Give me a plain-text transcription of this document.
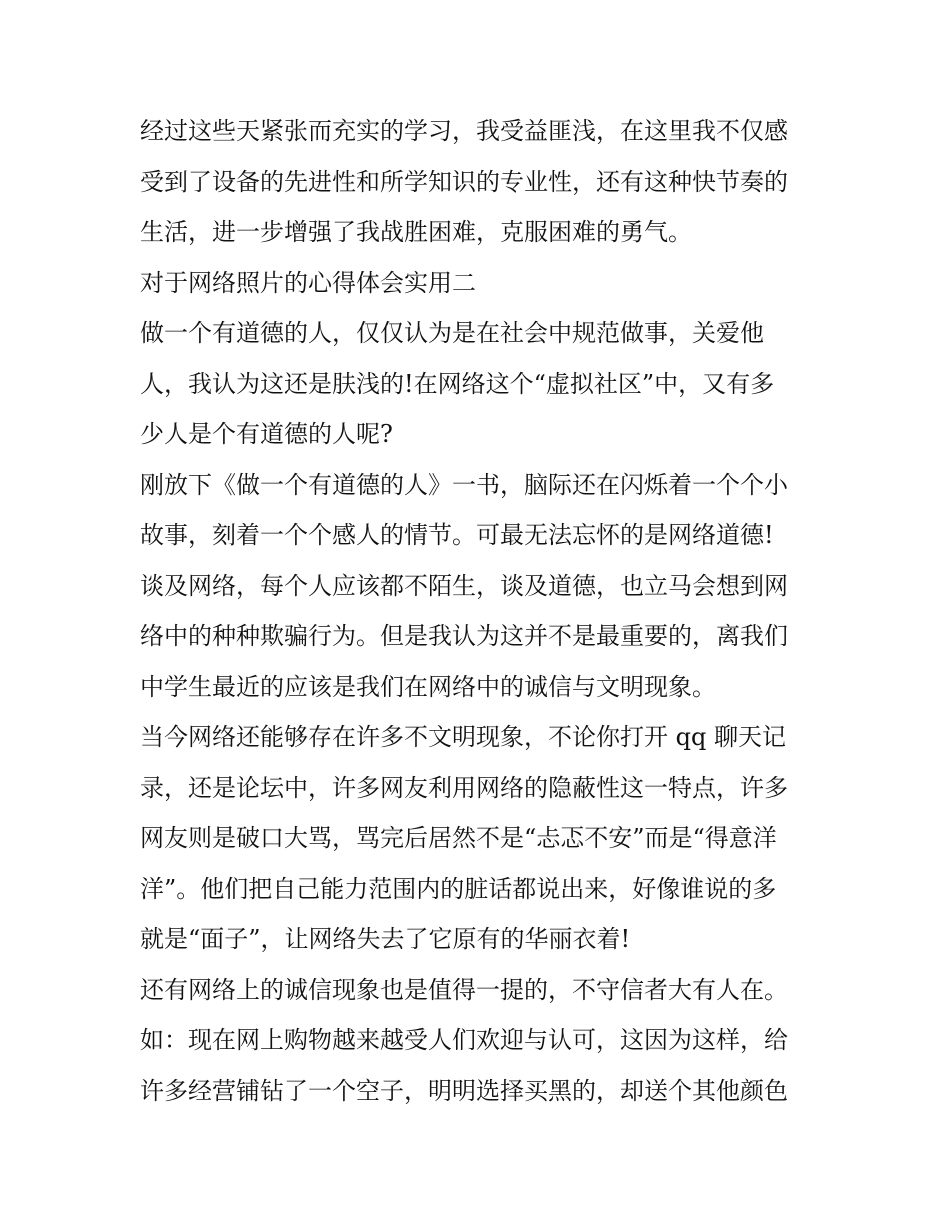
经过这些天紧张而充实的学习，我受益匪浅，在这里我不仅感
受到了设备的先进性和所学知识的专业性，还有这种快节奏的
生活，进一步增强了我战胜困难，克服困难的勇气。
对于网络照片的心得体会实用二
做一个有道德的人，仅仅认为是在社会中规范做事，关爱他
人，我认为这还是肤浅的!在网络这个“虚拟社区”中，又有多
少人是个有道德的人呢?
刚放下《做一个有道德的人》一书，脑际还在闪烁着一个个小
故事，刻着一个个感人的情节。可最无法忘怀的是网络道德!
谈及网络，每个人应该都不陌生，谈及道德，也立马会想到网
络中的种种欺骗行为。但是我认为这并不是最重要的，离我们
中学生最近的应该是我们在网络中的诚信与文明现象。
当今网络还能够存在许多不文明现象，不论你打开 qq 聊天记
录，还是论坛中，许多网友利用网络的隐蔽性这一特点，许多
网友则是破口大骂，骂完后居然不是“忐忑不安”而是“得意洋
洋”。他们把自己能力范围内的脏话都说出来，好像谁说的多
就是“面子”，让网络失去了它原有的华丽衣着!
还有网络上的诚信现象也是值得一提的，不守信者大有人在。
如：现在网上购物越来越受人们欢迎与认可，这因为这样，给
许多经营铺钻了一个空子，明明选择买黑的，却送个其他颜色
